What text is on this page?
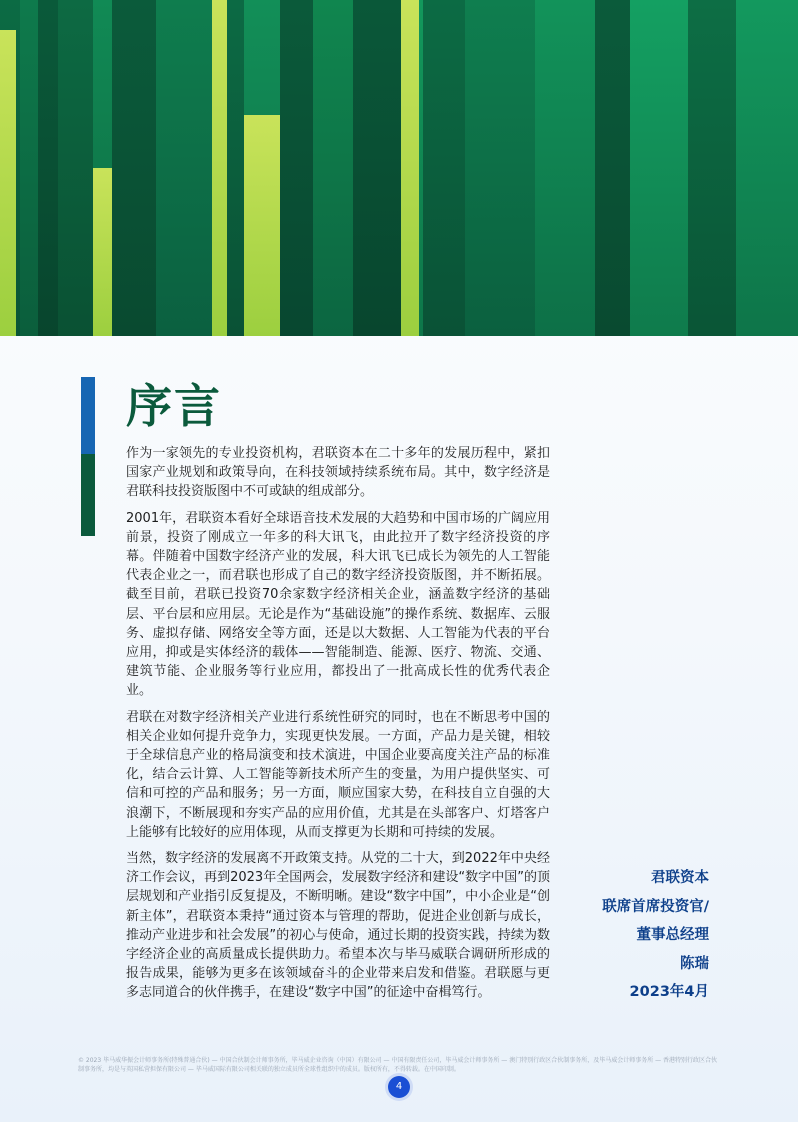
序言

作为一家领先的专业投资机构，君联资本在二十多年的发展历程中，紧扣国家产业规划和政策导向，在科技领域持续系统布局。其中，数字经济是君联科技投资版图中不可或缺的组成部分。

2001年，君联资本看好全球语音技术发展的大趋势和中国市场的广阔应用前景，投资了刚成立一年多的科大讯飞，由此拉开了数字经济投资的序幕。伴随着中国数字经济产业的发展，科大讯飞已成长为领先的人工智能代表企业之一，而君联也形成了自己的数字经济投资版图，并不断拓展。截至目前，君联已投资70余家数字经济相关企业，涵盖数字经济的基础层、平台层和应用层。无论是作为“基础设施”的操作系统、数据库、云服务、虚拟存储、网络安全等方面，还是以大数据、人工智能为代表的平台应用，抑或是实体经济的载体——智能制造、能源、医疗、物流、交通、建筑节能、企业服务等行业应用，都投出了一批高成长性的优秀代表企业。

君联在对数字经济相关产业进行系统性研究的同时，也在不断思考中国的相关企业如何提升竞争力，实现更快发展。一方面，产品力是关键，相较于全球信息产业的格局演变和技术演进，中国企业要高度关注产品的标准化，结合云计算、人工智能等新技术所产生的变量，为用户提供坚实、可信和可控的产品和服务；另一方面，顺应国家大势，在科技自立自强的大浪潮下，不断展现和夯实产品的应用价值，尤其是在头部客户、灯塔客户上能够有比较好的应用体现，从而支撑更为长期和可持续的发展。

当然，数字经济的发展离不开政策支持。从党的二十大，到2022年中央经济工作会议，再到2023年全国两会，发展数字经济和建设“数字中国”的顶层规划和产业指引反复提及，不断明晰。建设“数字中国”，中小企业是“创新主体”，君联资本秉持“通过资本与管理的帮助，促进企业创新与成长，推动产业进步和社会发展”的初心与使命，通过长期的投资实践，持续为数字经济企业的高质量成长提供助力。希望本次与毕马威联合调研所形成的报告成果，能够为更多在该领域奋斗的企业带来启发和借鉴。君联愿与更多志同道合的伙伴携手，在建设“数字中国”的征途中奋楫笃行。

君联资本
联席首席投资官/
董事总经理
陈瑞
2023年4月

© 2023 毕马威华振会计师事务所(特殊普通合伙) — 中国合伙制会计师事务所，毕马威企业咨询（中国）有限公司 — 中国有限责任公司，毕马威会计师事务所 — 澳门特别行政区合伙制事务所，及毕马威会计师事务所 — 香港特别行政区合伙制事务所，均是与英国私营担保有限公司 — 毕马威国际有限公司相关联的独立成员所全球性组织中的成员。版权所有，不得转载。在中国印制。

4
